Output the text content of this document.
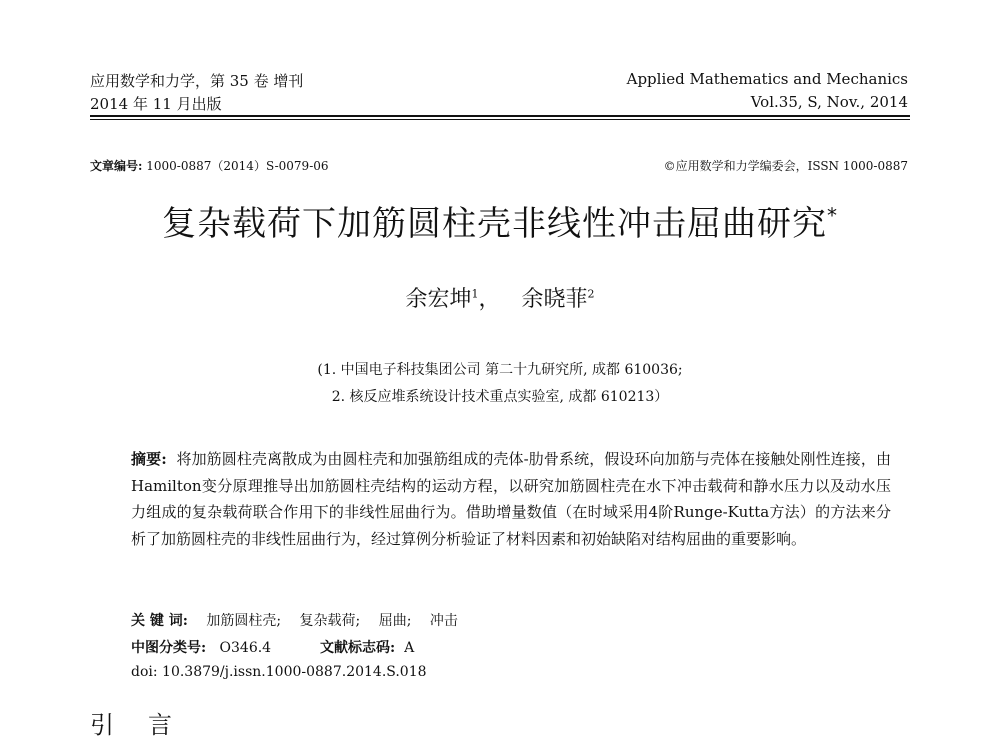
应用数学和力学，第 35 卷 增刊
2014 年 11 月出版
Applied Mathematics and Mechanics
Vol.35, S, Nov., 2014
文章编号: 1000-0887（2014）S-0079-06	©应用数学和力学编委会，ISSN 1000-0887
复杂载荷下加筋圆柱壳非线性冲击屈曲研究*
余宏坤$^1$， 余晓菲$^2$
(1. 中国电子科技集团公司 第二十九研究所, 成都 610036;
2. 核反应堆系统设计技术重点实验室, 成都 610213）

摘要: 将加筋圆柱壳离散成为由圆柱壳和加强筋组成的壳体-肋骨系统，假设环向加筋与壳体在接触处刚性连接，由Hamilton变分原理推导出加筋圆柱壳结构的运动方程，以研究加筋圆柱壳在水下冲击载荷和静水压力以及动水压力组成的复杂载荷联合作用下的非线性屈曲行为。借助增量数值（在时域采用4阶Runge-Kutta方法）的方法来分析了加筋圆柱壳的非线性屈曲行为，经过算例分析验证了材料因素和初始缺陷对结构屈曲的重要影响。

关 键 词: 加筋圆柱壳; 复杂载荷; 屈曲; 冲击
中图分类号: O346.4	文献标志码: A
doi: 10.3879/j.issn.1000-0887.2014.S.018
引言
